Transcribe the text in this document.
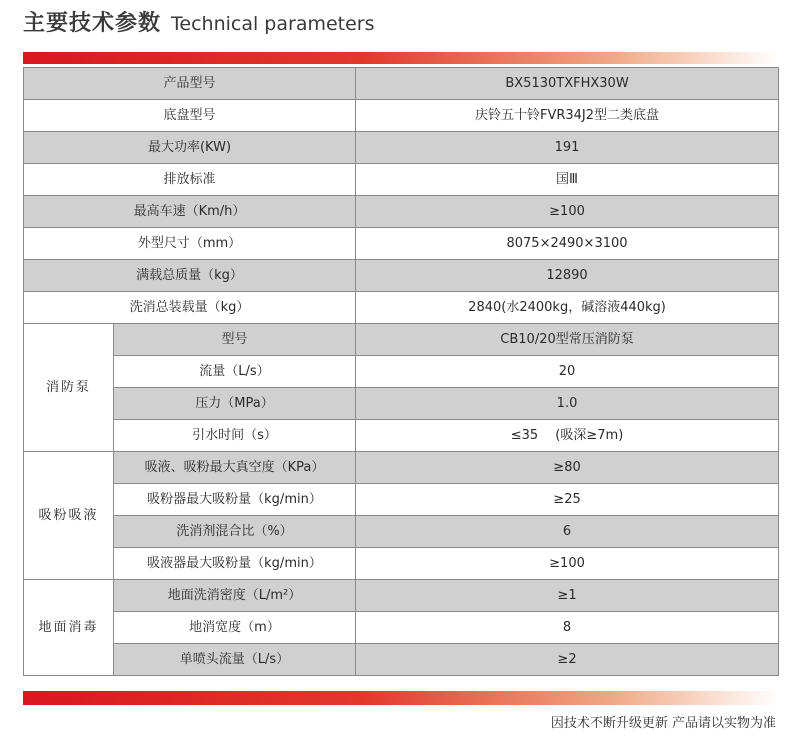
主要技术参数 Technical parameters
产品型号		BX5130TXFHX30W
底盘型号		庆铃五十铃FVR34J2型二类底盘
最大功率(KW)		191
排放标准		国Ⅲ
最高车速（Km/h）		≥100
外型尺寸（mm）		8075×2490×3100
满载总质量（kg）		12890
洗消总装载量（kg）		2840(水2400kg，碱溶液440kg)
消防泵	型号	CB10/20型常压消防泵
	流量（L/s）	20
	压力（MPa）	1.0
	引水时间（s）	≤35　 (吸深≥7m)
吸粉吸液	吸液、吸粉最大真空度（KPa）	≥80
	吸粉器最大吸粉量（kg/min）	≥25
	洗消剂混合比（%）	6
	吸液器最大吸粉量（kg/min）	≥100
地面消毒	地面洗消密度（L/m²）	≥1
	地消宽度（m）	8
	单喷头流量（L/s）	≥2
因技术不断升级更新 产品请以实物为准
